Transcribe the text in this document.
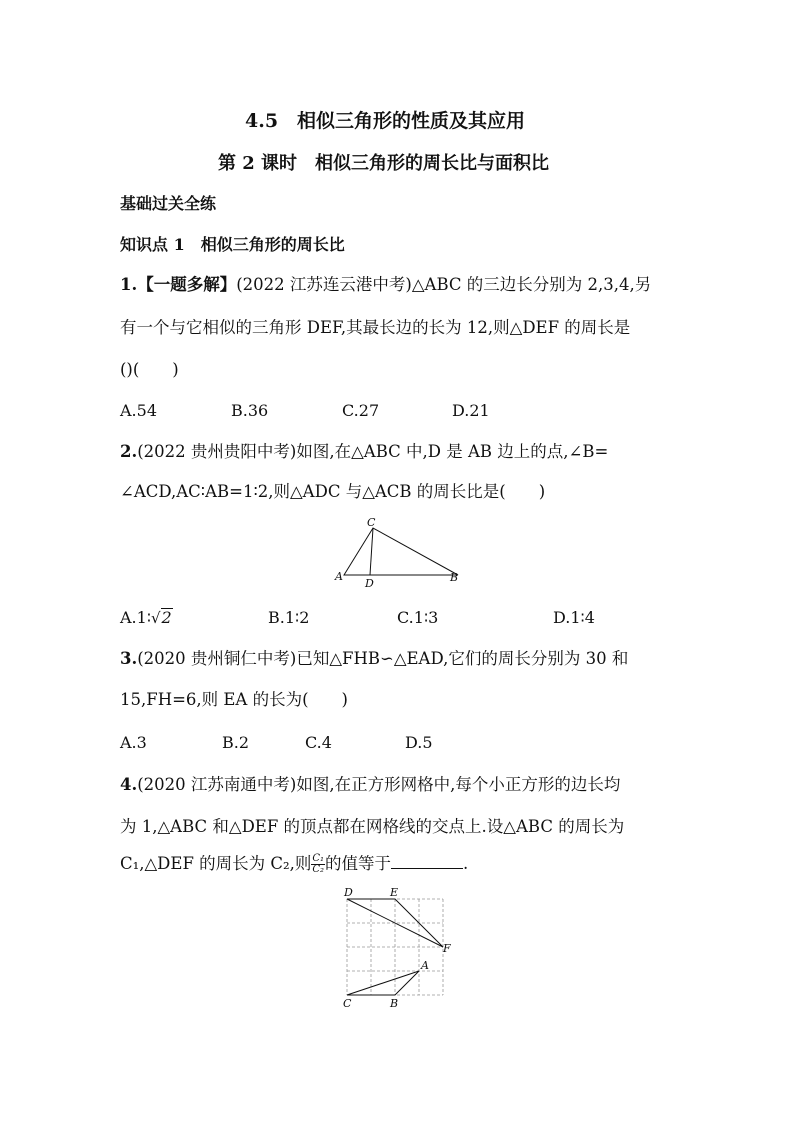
4.5　相似三角形的性质及其应用
第 2 课时　相似三角形的周长比与面积比
基础过关全练
知识点 1　相似三角形的周长比
1.【一题多解】(2022 江苏连云港中考)△ABC 的三边长分别为 2,3,4,另
有一个与它相似的三角形 DEF,其最长边的长为 12,则△DEF 的周长是
()(　　)
A.54	B.36	C.27	D.21
2.(2022 贵州贵阳中考)如图,在△ABC 中,D 是 AB 边上的点,∠B=
∠ACD,AC∶AB=1∶2,则△ADC 与△ACB 的周长比是(　　)
C
A
D	B
A.1∶√2	B.1∶2	C.1∶3	D.1∶4
3.(2020 贵州铜仁中考)已知△FHB∽△EAD,它们的周长分别为 30 和
15,FH=6,则 EA 的长为(　　)
A.3	B.2	C.4	D.5
4.(2020 江苏南通中考)如图,在正方形网格中,每个小正方形的边长均
为 1,△ABC 和△DEF 的顶点都在网格线的交点上.设△ABC 的周长为
C₁,△DEF 的周长为 C₂,则 $\frac{\text{C₁}}{\text{C₂}}$ 的值等于	.
D	E
F
A
C	B
